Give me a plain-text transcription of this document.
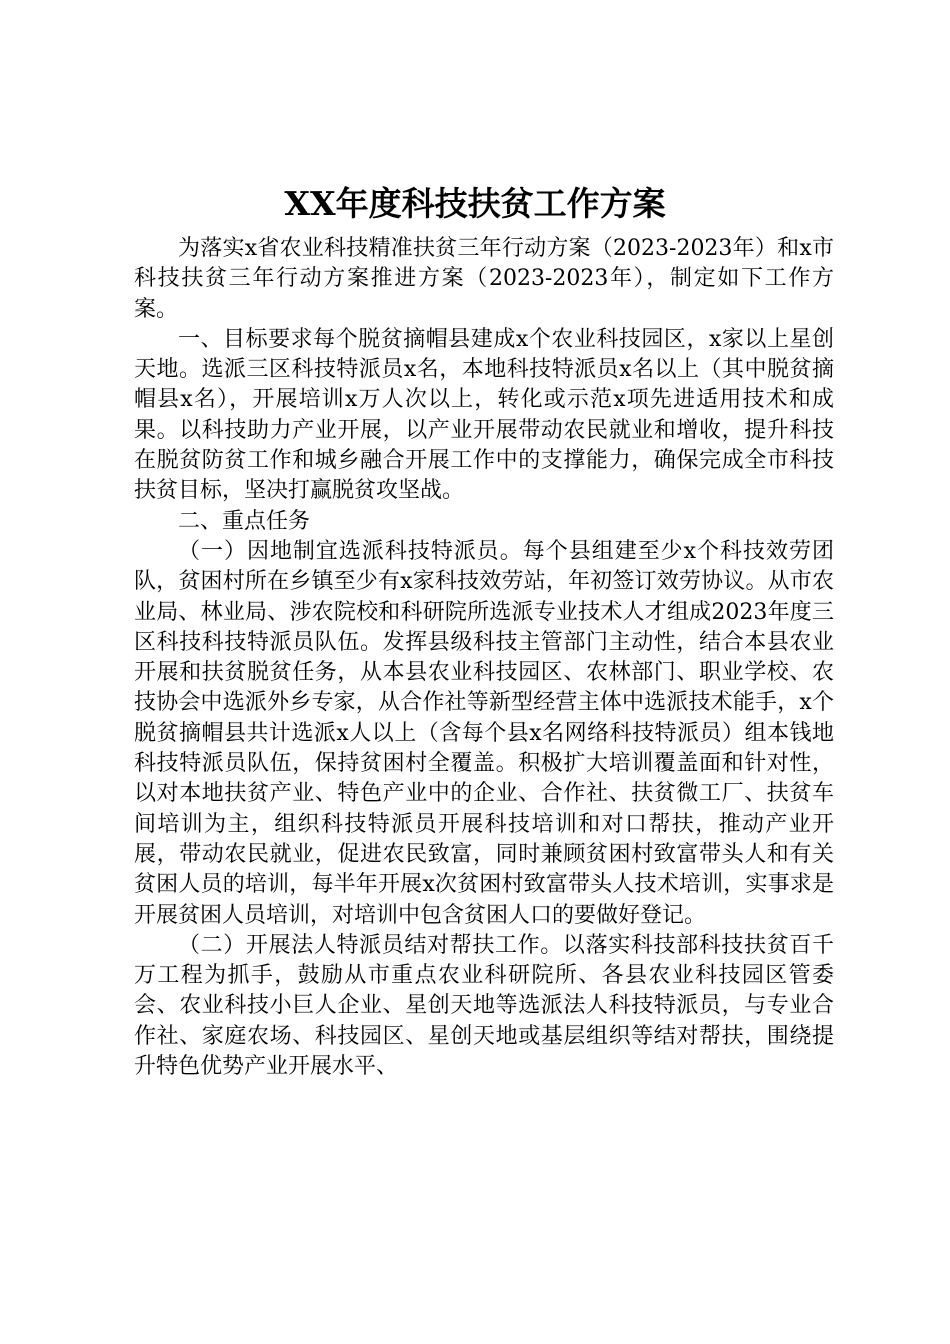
XX年度科技扶贫工作方案

为落实x省农业科技精准扶贫三年行动方案（2023-2023年）和x市科技扶贫三年行动方案推进方案（2023-2023年），制定如下工作方案。

一、目标要求每个脱贫摘帽县建成x个农业科技园区，x家以上星创天地。选派三区科技特派员x名，本地科技特派员x名以上（其中脱贫摘帽县x名），开展培训x万人次以上，转化或示范x项先进适用技术和成果。以科技助力产业开展，以产业开展带动农民就业和增收，提升科技在脱贫防贫工作和城乡融合开展工作中的支撑能力，确保完成全市科技扶贫目标，坚决打赢脱贫攻坚战。

二、重点任务

（一）因地制宜选派科技特派员。每个县组建至少x个科技效劳团队，贫困村所在乡镇至少有x家科技效劳站，年初签订效劳协议。从市农业局、林业局、涉农院校和科研院所选派专业技术人才组成2023年度三区科技科技特派员队伍。发挥县级科技主管部门主动性，结合本县农业开展和扶贫脱贫任务，从本县农业科技园区、农林部门、职业学校、农技协会中选派外乡专家，从合作社等新型经营主体中选派技术能手，x个脱贫摘帽县共计选派x人以上（含每个县x名网络科技特派员）组本钱地科技特派员队伍，保持贫困村全覆盖。积极扩大培训覆盖面和针对性，以对本地扶贫产业、特色产业中的企业、合作社、扶贫微工厂、扶贫车间培训为主，组织科技特派员开展科技培训和对口帮扶，推动产业开展，带动农民就业，促进农民致富，同时兼顾贫困村致富带头人和有关贫困人员的培训，每半年开展x次贫困村致富带头人技术培训，实事求是开展贫困人员培训，对培训中包含贫困人口的要做好登记。

（二）开展法人特派员结对帮扶工作。以落实科技部科技扶贫百千万工程为抓手，鼓励从市重点农业科研院所、各县农业科技园区管委会、农业科技小巨人企业、星创天地等选派法人科技特派员，与专业合作社、家庭农场、科技园区、星创天地或基层组织等结对帮扶，围绕提升特色优势产业开展水平、
